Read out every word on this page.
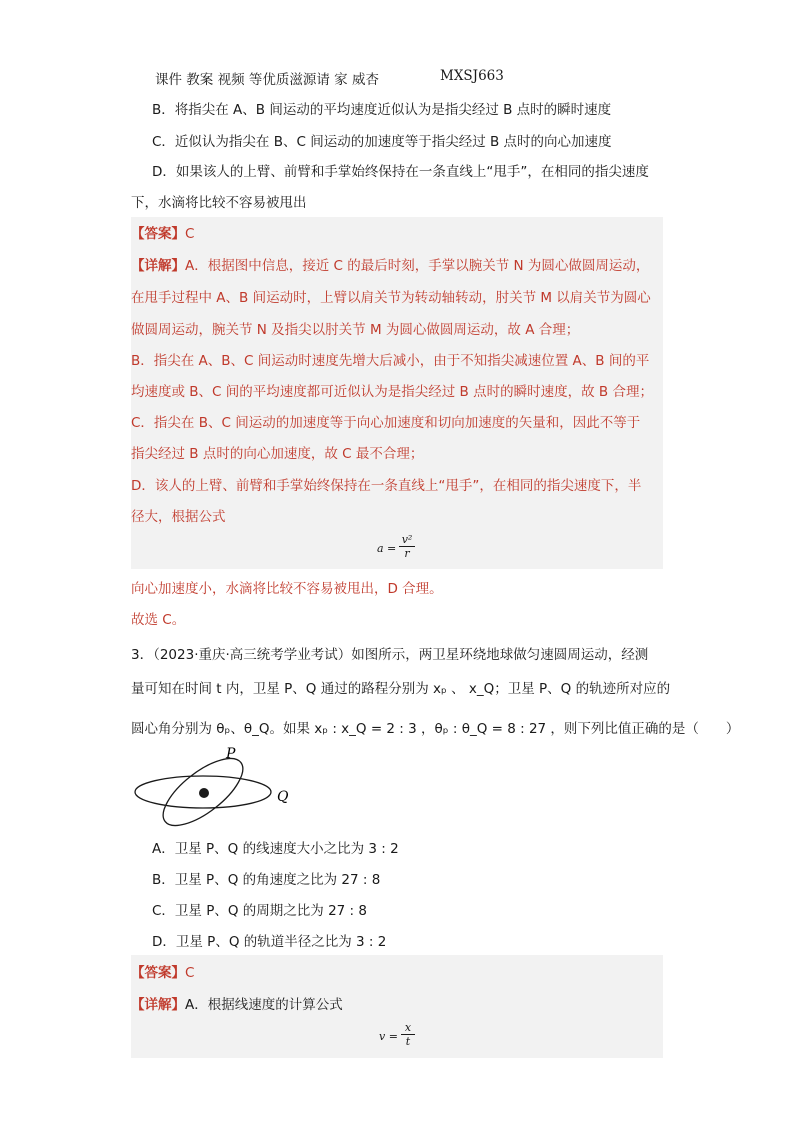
课件 教案 视频 等优质滋源请 家 威杏	MXSJ663
B．将指尖在 A、B 间运动的平均速度近似认为是指尖经过 B 点时的瞬时速度
C．近似认为指尖在 B、C 间运动的加速度等于指尖经过 B 点时的向心加速度
D．如果该人的上臂、前臂和手掌始终保持在一条直线上“甩手”，在相同的指尖速度
下，水滴将比较不容易被甩出
【答案】C
【详解】A．根据图中信息，接近 C 的最后时刻，手掌以腕关节 N 为圆心做圆周运动，
在甩手过程中 A、B 间运动时，上臂以肩关节为转动轴转动，肘关节 M 以肩关节为圆心
做圆周运动，腕关节 N 及指尖以肘关节 M 为圆心做圆周运动，故 A 合理；
B．指尖在 A、B、C 间运动时速度先增大后减小，由于不知指尖减速位置 A、B 间的平
均速度或 B、C 间的平均速度都可近似认为是指尖经过 B 点时的瞬时速度，故 B 合理；
C．指尖在 B、C 间运动的加速度等于向心加速度和切向加速度的矢量和，因此不等于
指尖经过 B 点时的向心加速度，故 C 最不合理；
D．该人的上臂、前臂和手掌始终保持在一条直线上“甩手”，在相同的指尖速度下，半
径大，根据公式
a =
v²
r
向心加速度小，水滴将比较不容易被甩出，D 合理。
故选 C。
3．（2023·重庆·高三统考学业考试）如图所示，两卫星环绕地球做匀速圆周运动，经测
量可知在时间 t 内，卫星 P、Q 通过的路程分别为 xₚ 、 x_Q；卫星 P、Q 的轨迹所对应的
圆心角分别为 θₚ、θ_Q。如果 xₚ : x_Q = 2 : 3 ，θₚ : θ_Q = 8 : 27 ，则下列比值正确的是（　　）
P
Q
A．卫星 P、Q 的线速度大小之比为 3 : 2
B．卫星 P、Q 的角速度之比为 27 : 8
C．卫星 P、Q 的周期之比为 27 : 8
D．卫星 P、Q 的轨道半径之比为 3 : 2
【答案】C
【详解】A．根据线速度的计算公式
v =
x
t
